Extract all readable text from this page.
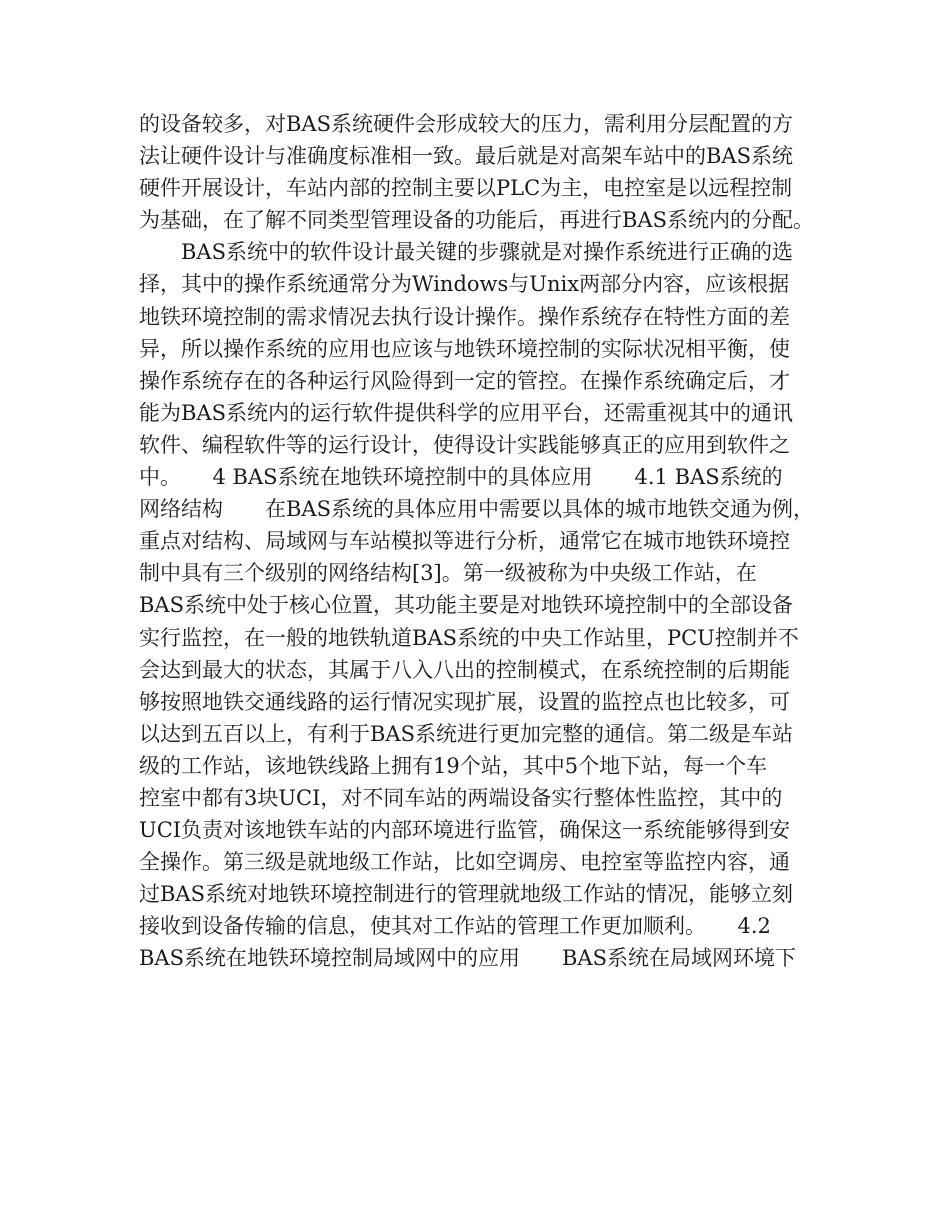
的设备较多，对BAS系统硬件会形成较大的压力，需利用分层配置的方
法让硬件设计与准确度标准相一致。最后就是对高架车站中的BAS系统
硬件开展设计，车站内部的控制主要以PLC为主，电控室是以远程控制
为基础，在了解不同类型管理设备的功能后，再进行BAS系统内的分配。
　　BAS系统中的软件设计最关键的步骤就是对操作系统进行正确的选
择，其中的操作系统通常分为Windows与Unix两部分内容，应该根据
地铁环境控制的需求情况去执行设计操作。操作系统存在特性方面的差
异，所以操作系统的应用也应该与地铁环境控制的实际状况相平衡，使
操作系统存在的各种运行风险得到一定的管控。在操作系统确定后，才
能为BAS系统内的运行软件提供科学的应用平台，还需重视其中的通讯
软件、编程软件等的运行设计，使得设计实践能够真正的应用到软件之
中。　　4 BAS系统在地铁环境控制中的具体应用　　4.1 BAS系统的
网络结构　　在BAS系统的具体应用中需要以具体的城市地铁交通为例，
重点对结构、局域网与车站模拟等进行分析，通常它在城市地铁环境控
制中具有三个级别的网络结构[3]。第一级被称为中央级工作站，在
BAS系统中处于核心位置，其功能主要是对地铁环境控制中的全部设备
实行监控，在一般的地铁轨道BAS系统的中央工作站里，PCU控制并不
会达到最大的状态，其属于八入八出的控制模式，在系统控制的后期能
够按照地铁交通线路的运行情况实现扩展，设置的监控点也比较多，可
以达到五百以上，有利于BAS系统进行更加完整的通信。第二级是车站
级的工作站，该地铁线路上拥有19个站，其中5个地下站，每一个车
控室中都有3块UCI，对不同车站的两端设备实行整体性监控，其中的
UCI负责对该地铁车站的内部环境进行监管，确保这一系统能够得到安
全操作。第三级是就地级工作站，比如空调房、电控室等监控内容，通
过BAS系统对地铁环境控制进行的管理就地级工作站的情况，能够立刻
接收到设备传输的信息，使其对工作站的管理工作更加顺利。　　4.2
BAS系统在地铁环境控制局域网中的应用　　BAS系统在局域网环境下
